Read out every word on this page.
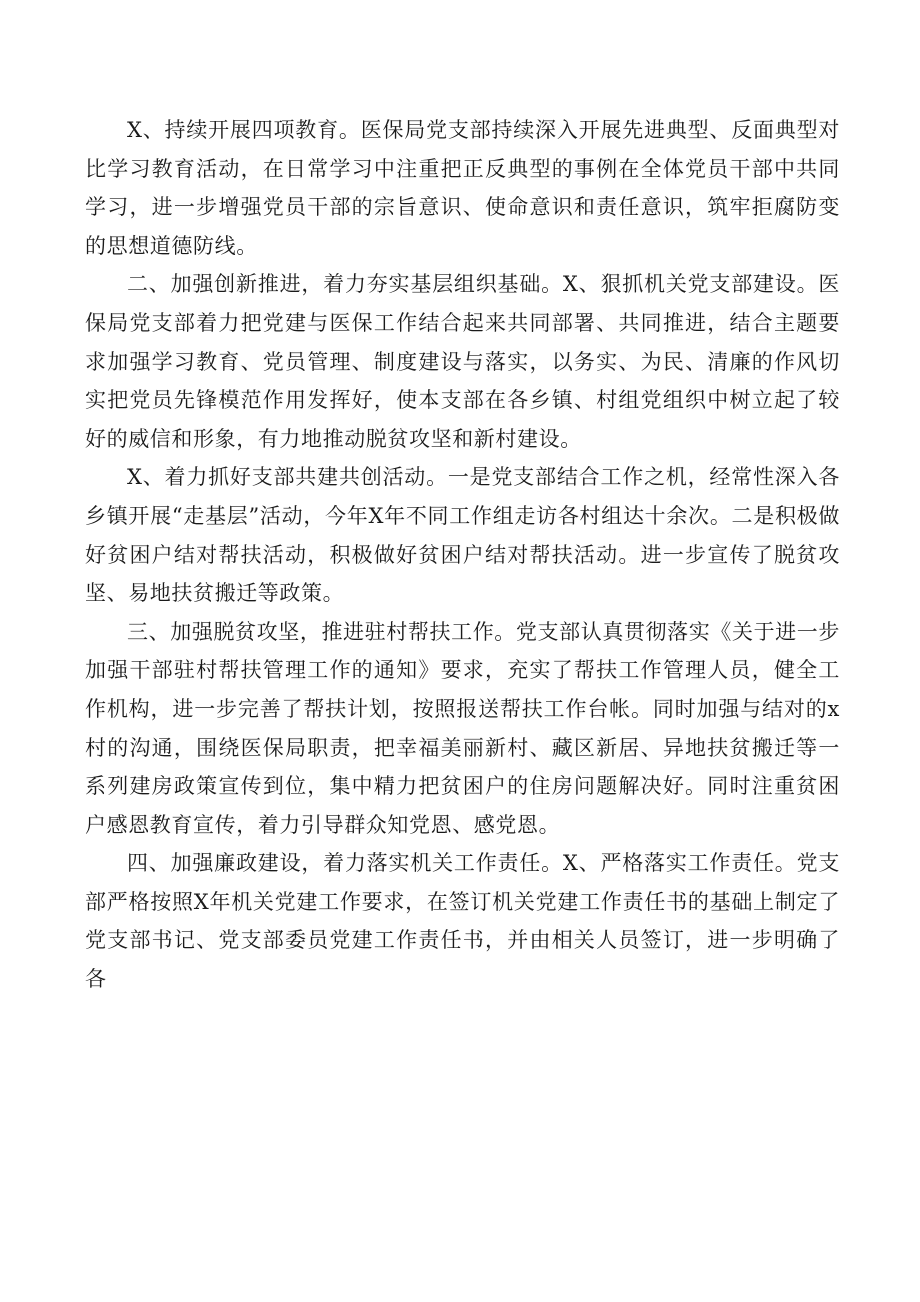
X、持续开展四项教育。医保局党支部持续深入开展先进典型、反面典型对比学习教育活动，在日常学习中注重把正反典型的事例在全体党员干部中共同学习，进一步增强党员干部的宗旨意识、使命意识和责任意识，筑牢拒腐防变的思想道德防线。

二、加强创新推进，着力夯实基层组织基础。X、狠抓机关党支部建设。医保局党支部着力把党建与医保工作结合起来共同部署、共同推进，结合主题要求加强学习教育、党员管理、制度建设与落实，以务实、为民、清廉的作风切实把党员先锋模范作用发挥好，使本支部在各乡镇、村组党组织中树立起了较好的威信和形象，有力地推动脱贫攻坚和新村建设。

X、着力抓好支部共建共创活动。一是党支部结合工作之机，经常性深入各乡镇开展“走基层”活动，今年X年不同工作组走访各村组达十余次。二是积极做好贫困户结对帮扶活动，积极做好贫困户结对帮扶活动。进一步宣传了脱贫攻坚、易地扶贫搬迁等政策。

三、加强脱贫攻坚，推进驻村帮扶工作。党支部认真贯彻落实《关于进一步加强干部驻村帮扶管理工作的通知》要求，充实了帮扶工作管理人员，健全工作机构，进一步完善了帮扶计划，按照报送帮扶工作台帐。同时加强与结对的x村的沟通，围绕医保局职责，把幸福美丽新村、藏区新居、异地扶贫搬迁等一系列建房政策宣传到位，集中精力把贫困户的住房问题解决好。同时注重贫困户感恩教育宣传，着力引导群众知党恩、感党恩。

四、加强廉政建设，着力落实机关工作责任。X、严格落实工作责任。党支部严格按照X年机关党建工作要求，在签订机关党建工作责任书的基础上制定了党支部书记、党支部委员党建工作责任书，并由相关人员签订，进一步明确了各
